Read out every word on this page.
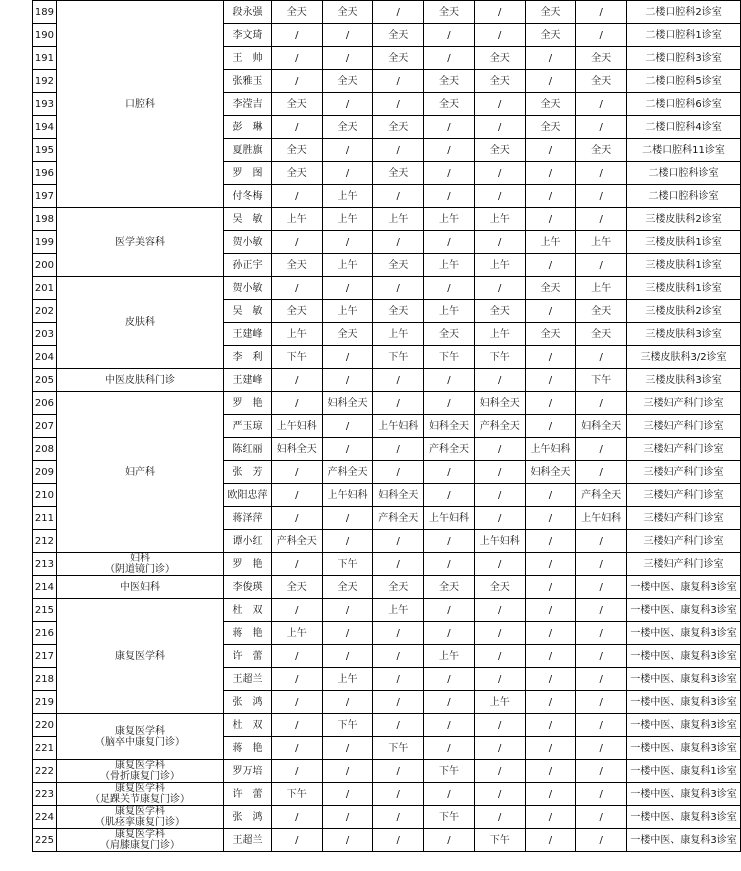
189	口腔科	段永强	全天	全天	/	全天	/	全天	/	二楼口腔科2诊室
190		李文琦	/	/	全天	/	/	全天	/	二楼口腔科1诊室
191		王　帅	/	/	全天	/	全天	/	全天	二楼口腔科3诊室
192		张雅玉	/	全天	/	全天	全天	/	全天	二楼口腔科5诊室
193		李滢吉	全天	/	/	全天	/	全天	/	二楼口腔科6诊室
194		彭　琳	/	全天	全天	/	/	全天	/	二楼口腔科4诊室
195		夏胜旗	全天	/	/	/	全天	/	全天	二楼口腔科11诊室
196		罗　图	全天	/	全天	/	/	/	/	二楼口腔科诊室
197		付冬梅	/	上午	/	/	/	/	/	二楼口腔科诊室
198	医学美容科	吴　敏	上午	上午	上午	上午	上午	/	/	三楼皮肤科2诊室
199		贺小敏	/	/	/	/	/	上午	上午	三楼皮肤科1诊室
200		孙正宇	全天	上午	全天	上午	上午	/	/	三楼皮肤科1诊室
201	皮肤科	贺小敏	/	/	/	/	/	全天	上午	三楼皮肤科1诊室
202		吴　敏	全天	上午	全天	上午	全天	/	全天	三楼皮肤科2诊室
203		王建峰	上午	全天	上午	全天	上午	全天	全天	三楼皮肤科3诊室
204		李　利	下午	/	下午	下午	下午	/	/	三楼皮肤科3/2诊室
205	中医皮肤科门诊	王建峰	/	/	/	/	/	/	下午	三楼皮肤科3诊室
206	妇产科	罗　艳	/	妇科全天	/	/	妇科全天	/	/	三楼妇产科门诊室
207		严玉琼	上午妇科	/	上午妇科	妇科全天	产科全天	/	妇科全天	三楼妇产科门诊室
208		陈红丽	妇科全天	/	/	产科全天	/	上午妇科	/	三楼妇产科门诊室
209		张　芳	/	产科全天	/	/	/	妇科全天	/	三楼妇产科门诊室
210		欧阳忠萍	/	上午妇科	妇科全天	/	/	/	产科全天	三楼妇产科门诊室
211		蒋泽萍	/	/	产科全天	上午妇科	/	/	上午妇科	三楼妇产科门诊室
212		谭小红	产科全天	/	/	/	上午妇科	/	/	三楼妇产科门诊室
213	妇科
（阴道镜门诊）	罗　艳	/	下午	/	/	/	/	/	三楼妇产科门诊室
214	中医妇科	李俊瑛	全天	全天	全天	全天	全天	/	/	一楼中医、康复科3诊室
215	康复医学科	杜　双	/	/	上午	/	/	/	/	一楼中医、康复科3诊室
216		蒋　艳	上午	/	/	/	/	/	/	一楼中医、康复科3诊室
217		许　蕾	/	/	/	上午	/	/	/	一楼中医、康复科3诊室
218		王超兰	/	上午	/	/	/	/	/	一楼中医、康复科3诊室
219		张　鸿	/	/	/	/	上午	/	/	一楼中医、康复科3诊室
220	康复医学科
（脑卒中康复门诊）	杜　双	/	下午	/	/	/	/	/	一楼中医、康复科3诊室
221		蒋　艳	/	/	下午	/	/	/	/	一楼中医、康复科3诊室
222	康复医学科
（骨折康复门诊）	罗万培	/	/	/	下午	/	/	/	一楼中医、康复科1诊室
223	康复医学科
（足踝关节康复门诊）	许　蕾	下午	/	/	/	/	/	/	一楼中医、康复科3诊室
224	康复医学科
（肌痉挛康复门诊）	张　鸿	/	/	/	下午	/	/	/	一楼中医、康复科3诊室
225	康复医学科
（肩膝康复门诊）	王超兰	/	/	/	/	下午	/	/	一楼中医、康复科3诊室
